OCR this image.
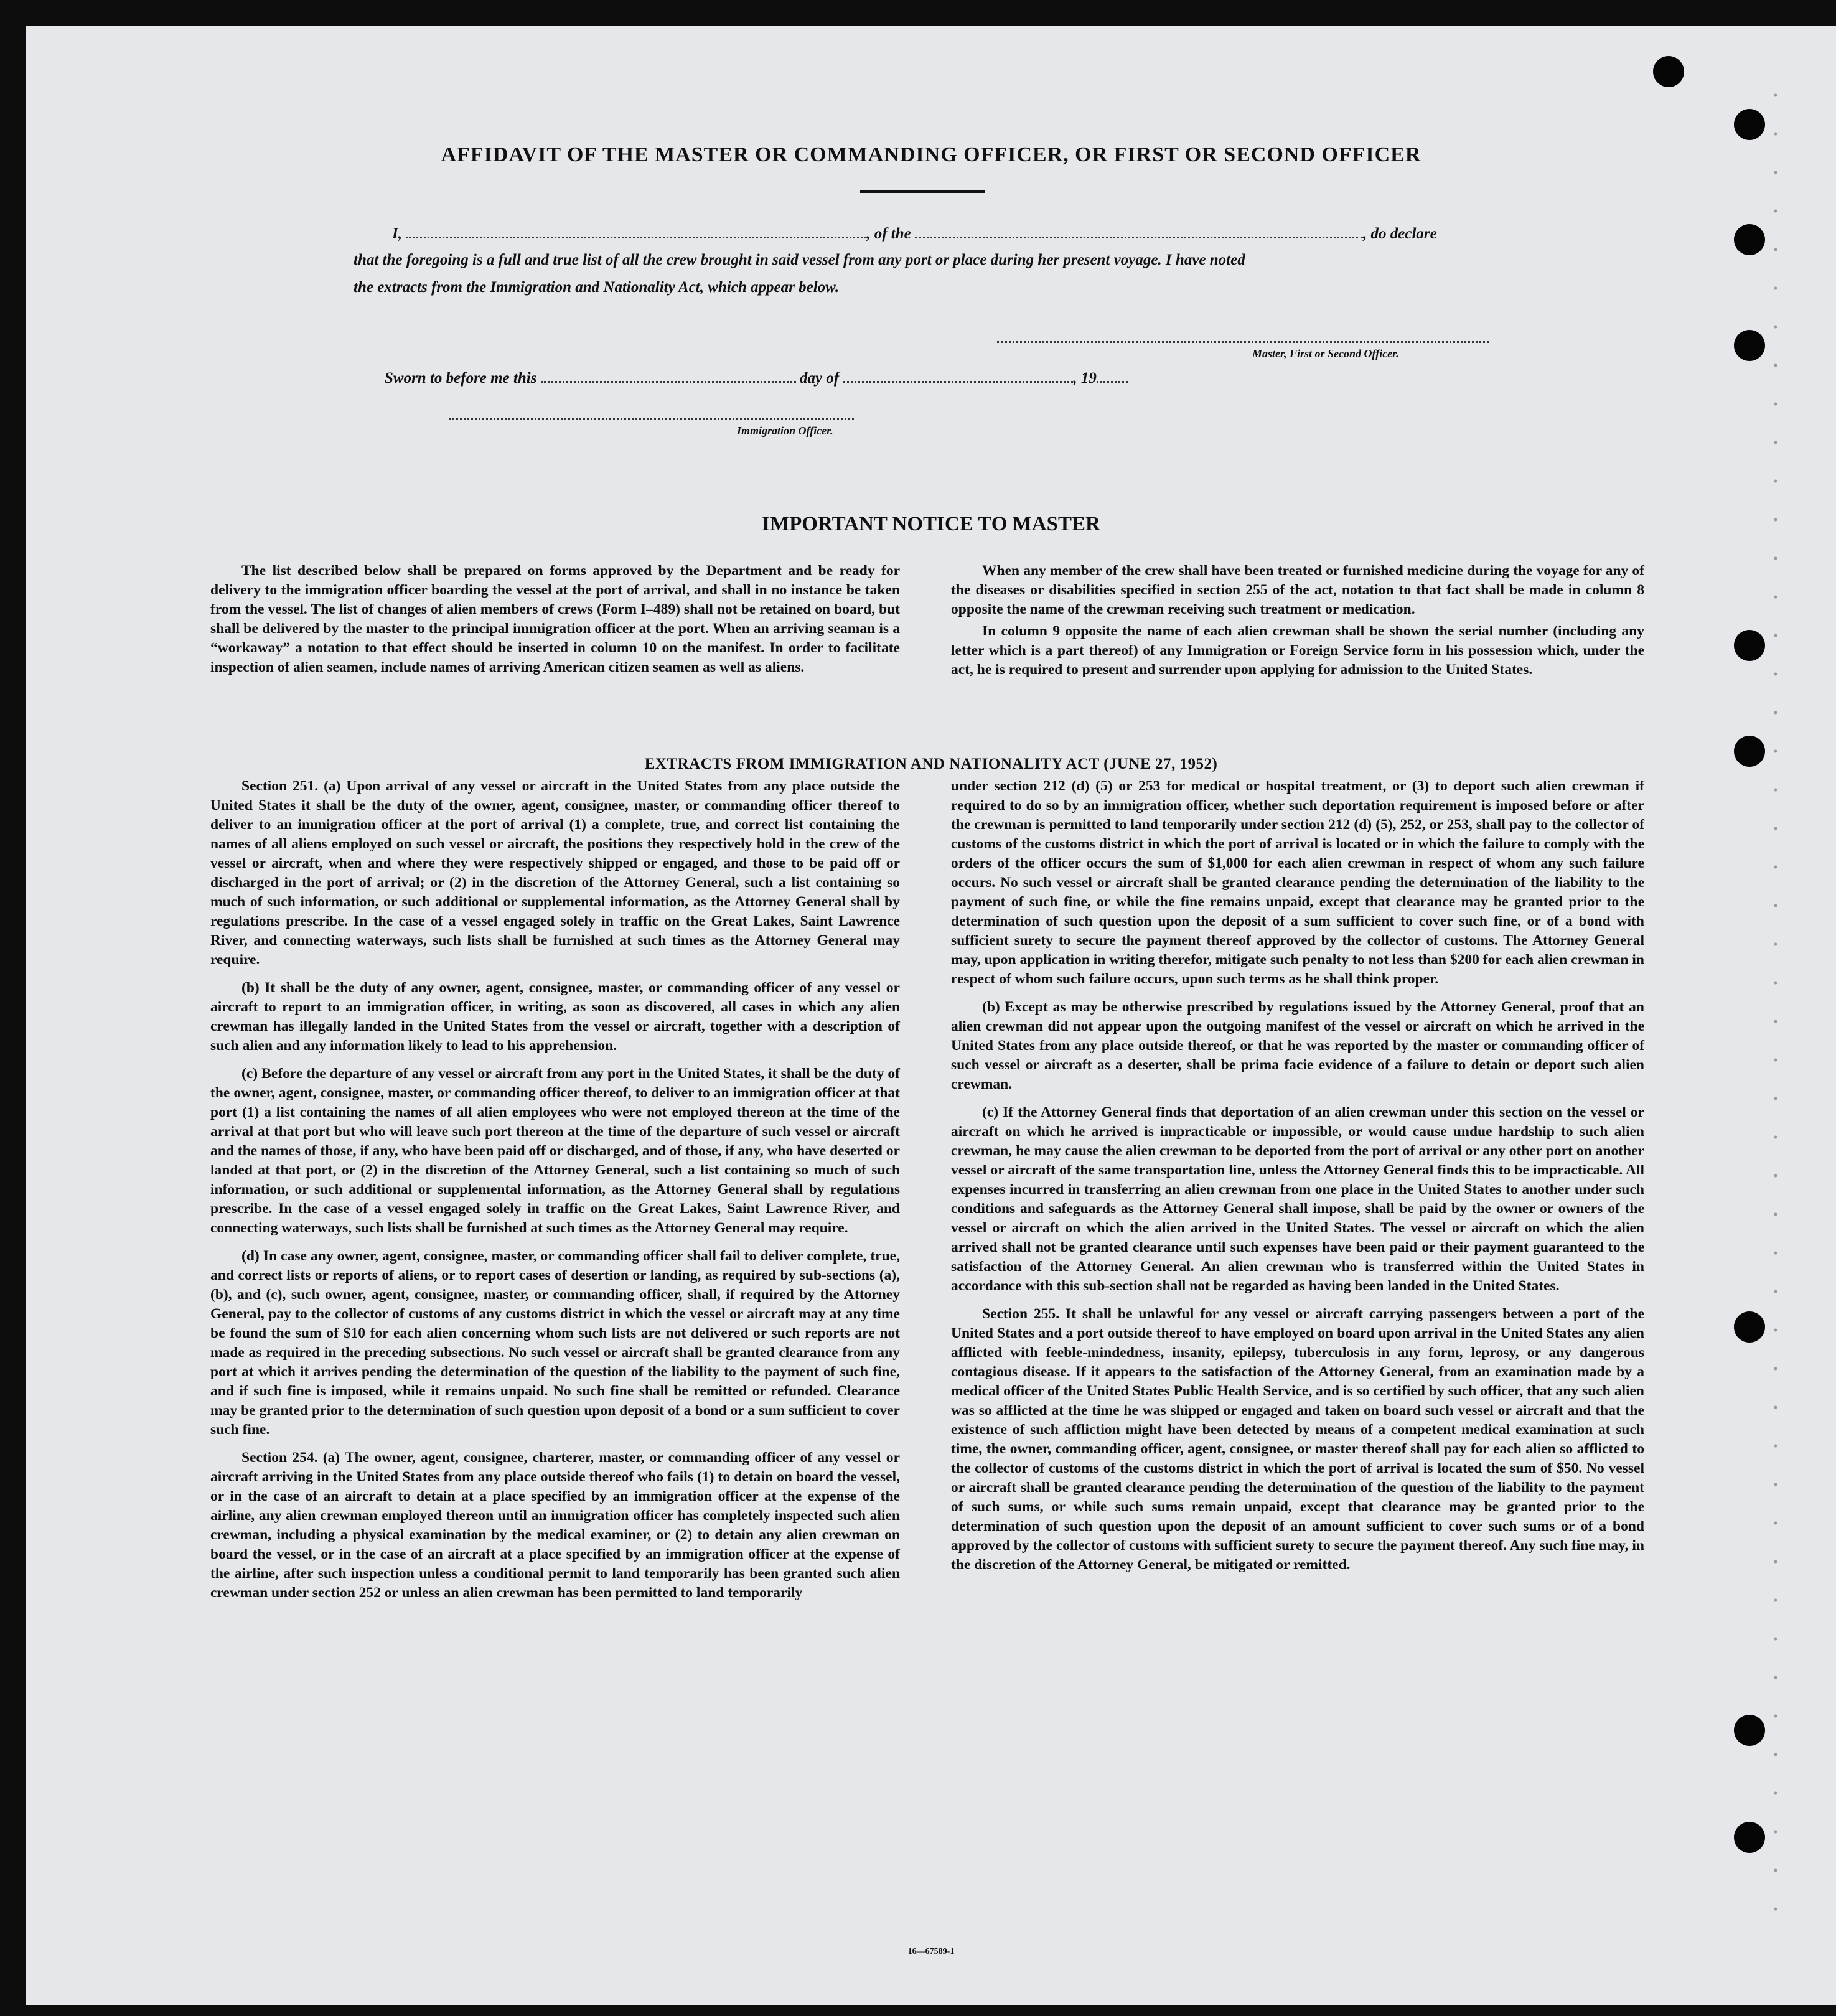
AFFIDAVIT OF THE MASTER OR COMMANDING OFFICER, OR FIRST OR SECOND OFFICER
I,	, of the	, do declare
that the foregoing is a full and true list of all the crew brought in said vessel from any port or place during her present voyage. I have noted
the extracts from the Immigration and Nationality Act, which appear below.
Master, First or Second Officer.
Sworn to before me this	day of	, 19
Immigration Officer.
IMPORTANT NOTICE TO MASTER

The list described below shall be prepared on forms approved by the Department and be ready for delivery to the immigration officer boarding the vessel at the port of arrival, and shall in no instance be taken from the vessel. The list of changes of alien members of crews (Form I–489) shall not be retained on board, but shall be delivered by the master to the principal immigration officer at the port. When an arriving seaman is a “workaway” a notation to that effect should be inserted in column 10 on the manifest. In order to facilitate inspection of alien seamen, include names of arriving American citizen seamen as well as aliens.

When any member of the crew shall have been treated or furnished medicine during the voyage for any of the diseases or disabilities specified in section 255 of the act, notation to that fact shall be made in column 8 opposite the name of the crewman receiving such treatment or medication.

In column 9 opposite the name of each alien crewman shall be shown the serial number (including any letter which is a part thereof) of any Immigration or Foreign Service form in his possession which, under the act, he is required to present and surrender upon applying for admission to the United States.

EXTRACTS FROM IMMIGRATION AND NATIONALITY ACT (JUNE 27, 1952)

Section 251. (a) Upon arrival of any vessel or aircraft in the United States from any place outside the United States it shall be the duty of the owner, agent, consignee, master, or commanding officer thereof to deliver to an immigration officer at the port of arrival (1) a complete, true, and correct list containing the names of all aliens employed on such vessel or aircraft, the positions they respectively hold in the crew of the vessel or aircraft, when and where they were respectively shipped or engaged, and those to be paid off or discharged in the port of arrival; or (2) in the discretion of the Attorney General, such a list containing so much of such information, or such additional or supplemental information, as the Attorney General shall by regulations prescribe. In the case of a vessel engaged solely in traffic on the Great Lakes, Saint Lawrence River, and connecting waterways, such lists shall be furnished at such times as the Attorney General may require.

(b) It shall be the duty of any owner, agent, consignee, master, or commanding officer of any vessel or aircraft to report to an immigration officer, in writing, as soon as discovered, all cases in which any alien crewman has illegally landed in the United States from the vessel or aircraft, together with a description of such alien and any information likely to lead to his apprehension.

(c) Before the departure of any vessel or aircraft from any port in the United States, it shall be the duty of the owner, agent, consignee, master, or commanding officer thereof, to deliver to an immigration officer at that port (1) a list containing the names of all alien employees who were not employed thereon at the time of the arrival at that port but who will leave such port thereon at the time of the departure of such vessel or aircraft and the names of those, if any, who have been paid off or discharged, and of those, if any, who have deserted or landed at that port, or (2) in the discretion of the Attorney General, such a list containing so much of such information, or such additional or supplemental information, as the Attorney General shall by regulations prescribe. In the case of a vessel engaged solely in traffic on the Great Lakes, Saint Lawrence River, and connecting waterways, such lists shall be furnished at such times as the Attorney General may require.

(d) In case any owner, agent, consignee, master, or commanding officer shall fail to deliver complete, true, and correct lists or reports of aliens, or to report cases of desertion or landing, as required by sub-sections (a), (b), and (c), such owner, agent, consignee, master, or commanding officer, shall, if required by the Attorney General, pay to the collector of customs of any customs district in which the vessel or aircraft may at any time be found the sum of $10 for each alien concerning whom such lists are not delivered or such reports are not made as required in the preceding subsections. No such vessel or aircraft shall be granted clearance from any port at which it arrives pending the determination of the question of the liability to the payment of such fine, and if such fine is imposed, while it remains unpaid. No such fine shall be remitted or refunded. Clearance may be granted prior to the determination of such question upon deposit of a bond or a sum sufficient to cover such fine.

Section 254. (a) The owner, agent, consignee, charterer, master, or commanding officer of any vessel or aircraft arriving in the United States from any place outside thereof who fails (1) to detain on board the vessel, or in the case of an aircraft to detain at a place specified by an immigration officer at the expense of the airline, any alien crewman employed thereon until an immigration officer has completely inspected such alien crewman, including a physical examination by the medical examiner, or (2) to detain any alien crewman on board the vessel, or in the case of an aircraft at a place specified by an immigration officer at the expense of the airline, after such inspection unless a conditional permit to land temporarily has been granted such alien crewman under section 252 or unless an alien crewman has been permitted to land temporarily

under section 212 (d) (5) or 253 for medical or hospital treatment, or (3) to deport such alien crewman if required to do so by an immigration officer, whether such deportation requirement is imposed before or after the crewman is permitted to land temporarily under section 212 (d) (5), 252, or 253, shall pay to the collector of customs of the customs district in which the port of arrival is located or in which the failure to comply with the orders of the officer occurs the sum of $1,000 for each alien crewman in respect of whom any such failure occurs. No such vessel or aircraft shall be granted clearance pending the determination of the liability to the payment of such fine, or while the fine remains unpaid, except that clearance may be granted prior to the determination of such question upon the deposit of a sum sufficient to cover such fine, or of a bond with sufficient surety to secure the payment thereof approved by the collector of customs. The Attorney General may, upon application in writing therefor, mitigate such penalty to not less than $200 for each alien crewman in respect of whom such failure occurs, upon such terms as he shall think proper.

(b) Except as may be otherwise prescribed by regulations issued by the Attorney General, proof that an alien crewman did not appear upon the outgoing manifest of the vessel or aircraft on which he arrived in the United States from any place outside thereof, or that he was reported by the master or commanding officer of such vessel or aircraft as a deserter, shall be prima facie evidence of a failure to detain or deport such alien crewman.

(c) If the Attorney General finds that deportation of an alien crewman under this section on the vessel or aircraft on which he arrived is impracticable or impossible, or would cause undue hardship to such alien crewman, he may cause the alien crewman to be deported from the port of arrival or any other port on another vessel or aircraft of the same transportation line, unless the Attorney General finds this to be impracticable. All expenses incurred in transferring an alien crewman from one place in the United States to another under such conditions and safeguards as the Attorney General shall impose, shall be paid by the owner or owners of the vessel or aircraft on which the alien arrived in the United States. The vessel or aircraft on which the alien arrived shall not be granted clearance until such expenses have been paid or their payment guaranteed to the satisfaction of the Attorney General. An alien crewman who is transferred within the United States in accordance with this sub-section shall not be regarded as having been landed in the United States.

Section 255. It shall be unlawful for any vessel or aircraft carrying passengers between a port of the United States and a port outside thereof to have employed on board upon arrival in the United States any alien afflicted with feeble-mindedness, insanity, epilepsy, tuberculosis in any form, leprosy, or any dangerous contagious disease. If it appears to the satisfaction of the Attorney General, from an examination made by a medical officer of the United States Public Health Service, and is so certified by such officer, that any such alien was so afflicted at the time he was shipped or engaged and taken on board such vessel or aircraft and that the existence of such affliction might have been detected by means of a competent medical examination at such time, the owner, commanding officer, agent, consignee, or master thereof shall pay for each alien so afflicted to the collector of customs of the customs district in which the port of arrival is located the sum of $50. No vessel or aircraft shall be granted clearance pending the determination of the question of the liability to the payment of such sums, or while such sums remain unpaid, except that clearance may be granted prior to the determination of such question upon the deposit of an amount sufficient to cover such sums or of a bond approved by the collector of customs with sufficient surety to secure the payment thereof. Any such fine may, in the discretion of the Attorney General, be mitigated or remitted.

16—67589-1
